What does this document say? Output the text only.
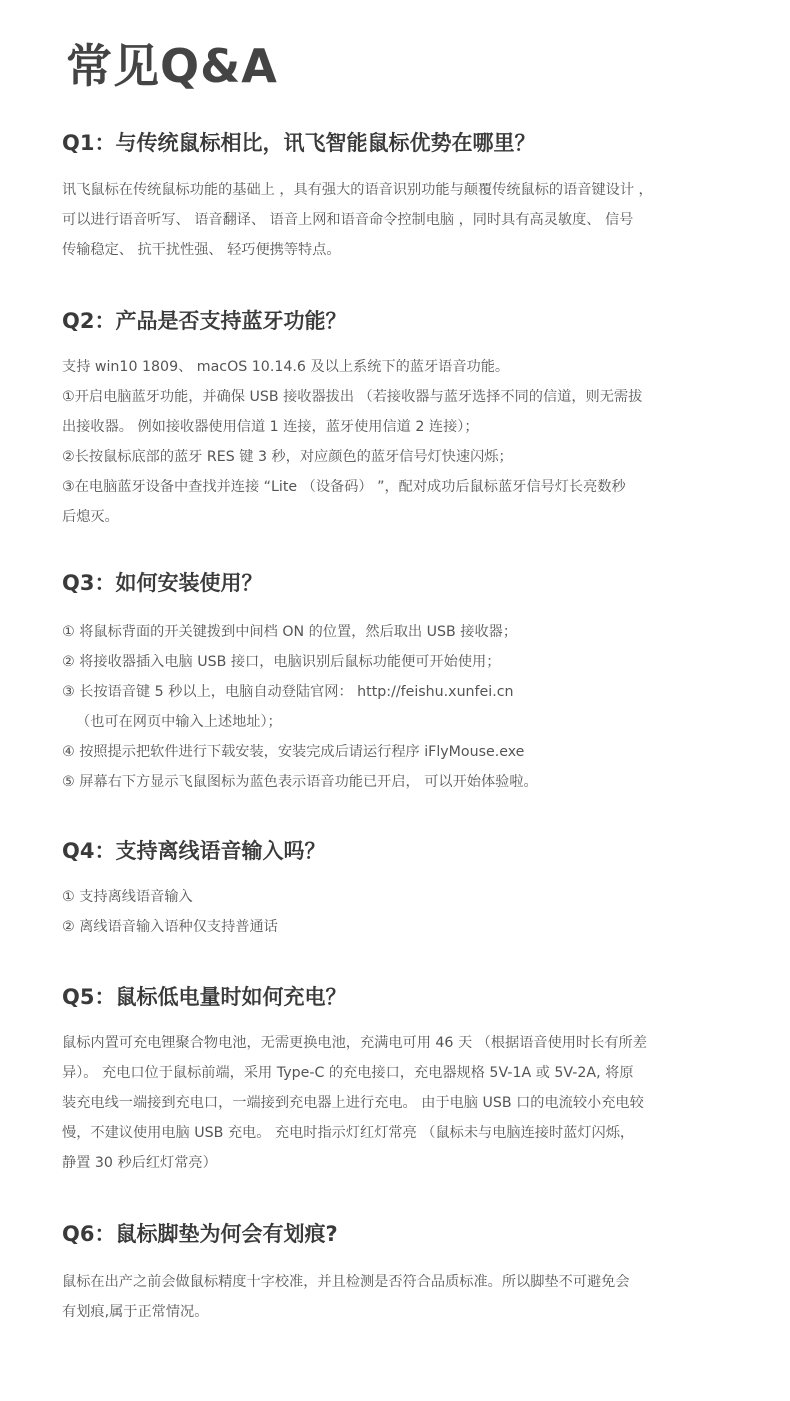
常见Q&A
Q1：与传统鼠标相比，讯飞智能鼠标优势在哪里？
讯飞鼠标在传统鼠标功能的基础上 ，具有强大的语音识别功能与颠覆传统鼠标的语音键设计 ，
可以进行语音听写、 语音翻译、 语音上网和语音命令控制电脑 ，同时具有高灵敏度、 信号
传输稳定、 抗干扰性强、 轻巧便携等特点。
Q2：产品是否支持蓝牙功能？
支持 win10 1809、 macOS 10.14.6 及以上系统下的蓝牙语音功能。
①开启电脑蓝牙功能，并确保 USB 接收器拔出 （若接收器与蓝牙选择不同的信道，则无需拔
出接收器。 例如接收器使用信道 1 连接，蓝牙使用信道 2 连接）；
②长按鼠标底部的蓝牙 RES 键 3 秒，对应颜色的蓝牙信号灯快速闪烁；
③在电脑蓝牙设备中查找并连接 “Lite （设备码） ”，配对成功后鼠标蓝牙信号灯长亮数秒
后熄灭。
Q3：如何安装使用？
① 将鼠标背面的开关键拨到中间档 ON 的位置，然后取出 USB 接收器；
② 将接收器插入电脑 USB 接口，电脑识别后鼠标功能便可开始使用；
③ 长按语音键 5 秒以上，电脑自动登陆官网： http://feishu.xunfei.cn
（也可在网页中输入上述地址）；
④ 按照提示把软件进行下载安装，安装完成后请运行程序 iFlyMouse.exe
⑤ 屏幕右下方显示飞鼠图标为蓝色表示语音功能已开启， 可以开始体验啦。
Q4：支持离线语音输入吗？
① 支持离线语音输入
② 离线语音输入语种仅支持普通话
Q5：鼠标低电量时如何充电？
鼠标内置可充电锂聚合物电池，无需更换电池，充满电可用 46 天 （根据语音使用时长有所差
异）。 充电口位于鼠标前端，采用 Type-C 的充电接口，充电器规格 5V-1A 或 5V-2A, 将原
装充电线一端接到充电口，一端接到充电器上进行充电。 由于电脑 USB 口的电流较小充电较
慢，不建议使用电脑 USB 充电。 充电时指示灯红灯常亮 （鼠标未与电脑连接时蓝灯闪烁，
静置 30 秒后红灯常亮）
Q6：鼠标脚垫为何会有划痕?
鼠标在出产之前会做鼠标精度十字校准，并且检测是否符合品质标准。所以脚垫不可避免会
有划痕,属于正常情况。
